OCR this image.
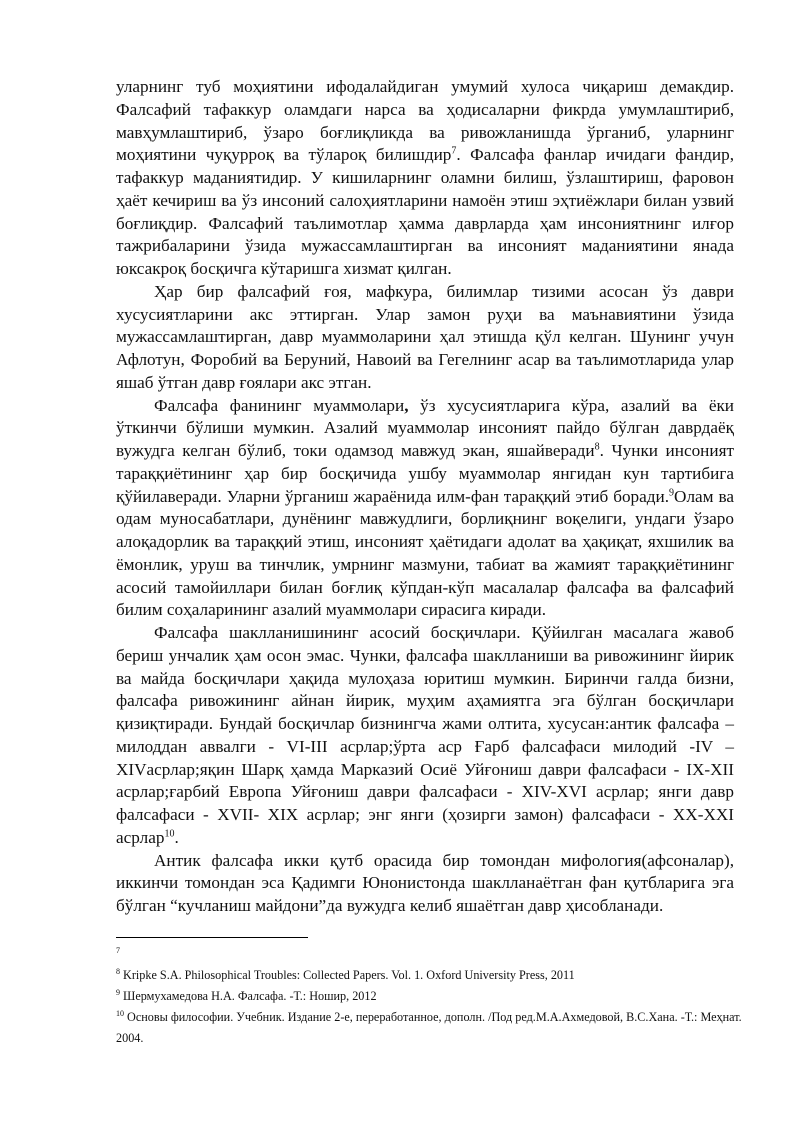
уларнинг туб моҳиятини ифодалайдиган умумий хулоса чиқариш демакдир. Фалсафий тафаккур оламдаги нарса ва ҳодисаларни фикрда умумлаштириб, мавҳумлаштириб, ўзаро боғлиқликда ва ривожланишда ўрганиб, уларнинг моҳиятини чуқурроқ ва тўлароқ билишдир$^7$. Фалсафа фанлар ичидаги фандир, тафаккур маданиятидир. У кишиларнинг оламни билиш, ўзлаштириш, фаровон ҳаёт кечириш ва ўз инсоний салоҳиятларини намоён этиш эҳтиёжлари билан узвий боғлиқдир. Фалсафий таълимотлар ҳамма даврларда ҳам инсониятнинг илғор тажрибаларини ўзида мужассамлаштирган ва инсоният маданиятини янада юксакроқ босқичга кўтаришга хизмат қилган.

Ҳар бир фалсафий ғоя, мафкура, билимлар тизими асосан ўз даври хусусиятларини акс эттирган. Улар замон руҳи ва маънавиятини ўзида мужассамлаштирган, давр муаммоларини ҳал этишда қўл келган. Шунинг учун Афлотун, Форобий ва Беруний, Навоий ва Гегелнинг асар ва таълимотларида улар яшаб ўтган давр ғоялари акс этган.

Фалсафа фанининг муаммолари, ўз хусусиятларига кўра, азалий ва ёки ўткинчи бўлиши мумкин. Азалий муаммолар инсоният пайдо бўлган даврдаёқ вужудга келган бўлиб, токи одамзод мавжуд экан, яшайверади$^8$. Чунки инсоният тараққиётининг ҳар бир босқичида ушбу муаммолар янгидан кун тартибига қўйилаверади. Уларни ўрганиш жараёнида илм-фан тараққий этиб боради.$^9$Олам ва одам муносабатлари, дунёнинг мавжудлиги, борлиқнинг воқелиги, ундаги ўзаро алоқадорлик ва тараққий этиш, инсоният ҳаётидаги адолат ва ҳақиқат, яхшилик ва ёмонлик, уруш ва тинчлик, умрнинг мазмуни, табиат ва жамият тараққиётининг асосий тамойиллари билан боғлиқ кўпдан-кўп масалалар фалсафа ва фалсафий билим соҳаларининг азалий муаммолари сирасига киради.

Фалсафа шаклланишининг асосий босқичлари. Қўйилган масалага жавоб бериш унчалик ҳам осон эмас. Чунки, фалсафа шаклланиши ва ривожининг йирик ва майда босқичлари ҳақида мулоҳаза юритиш мумкин. Биринчи галда бизни, фалсафа ривожининг айнан йирик, муҳим аҳамиятга эга бўлган босқичлари қизиқтиради. Бундай босқичлар бизнингча жами олтита, хусусан:антик фалсафа – милоддан аввалги - VI-III асрлар;ўрта аср Ғарб фалсафаси милодий -IV – XIVасрлар;яқин Шарқ ҳамда Марказий Осиё Уйғониш даври фалсафаси - IX-XII асрлар;ғарбий Европа Уйғониш даври фалсафаси - XIV-XVI асрлар; янги давр фалсафаси - XVII- XIX асрлар; энг янги (ҳозирги замон) фалсафаси - XX-XXI асрлар$^{10}$.

Антик фалсафа икки қутб орасида бир томондан мифология(афсоналар), иккинчи томондан эса Қадимги Юнонистонда шаклланаётган фан қутбларига эга бўлган “кучланиш майдони”да вужудга келиб яшаётган давр ҳисобланади.

$^7$

$^8$ Kripke S.A. Philosophical Troubles: Collected Papers. Vol. 1. Oxford University Press, 2011

$^9$ Шермухамедова Н.А. Фалсафа. -Т.: Ношир, 2012

$^{10}$ Основы философии. Учебник. Издание 2-е, переработанное, дополн. /Под ред.М.А.Ахмедовой, В.С.Хана. -Т.: Меҳнат. 2004.
